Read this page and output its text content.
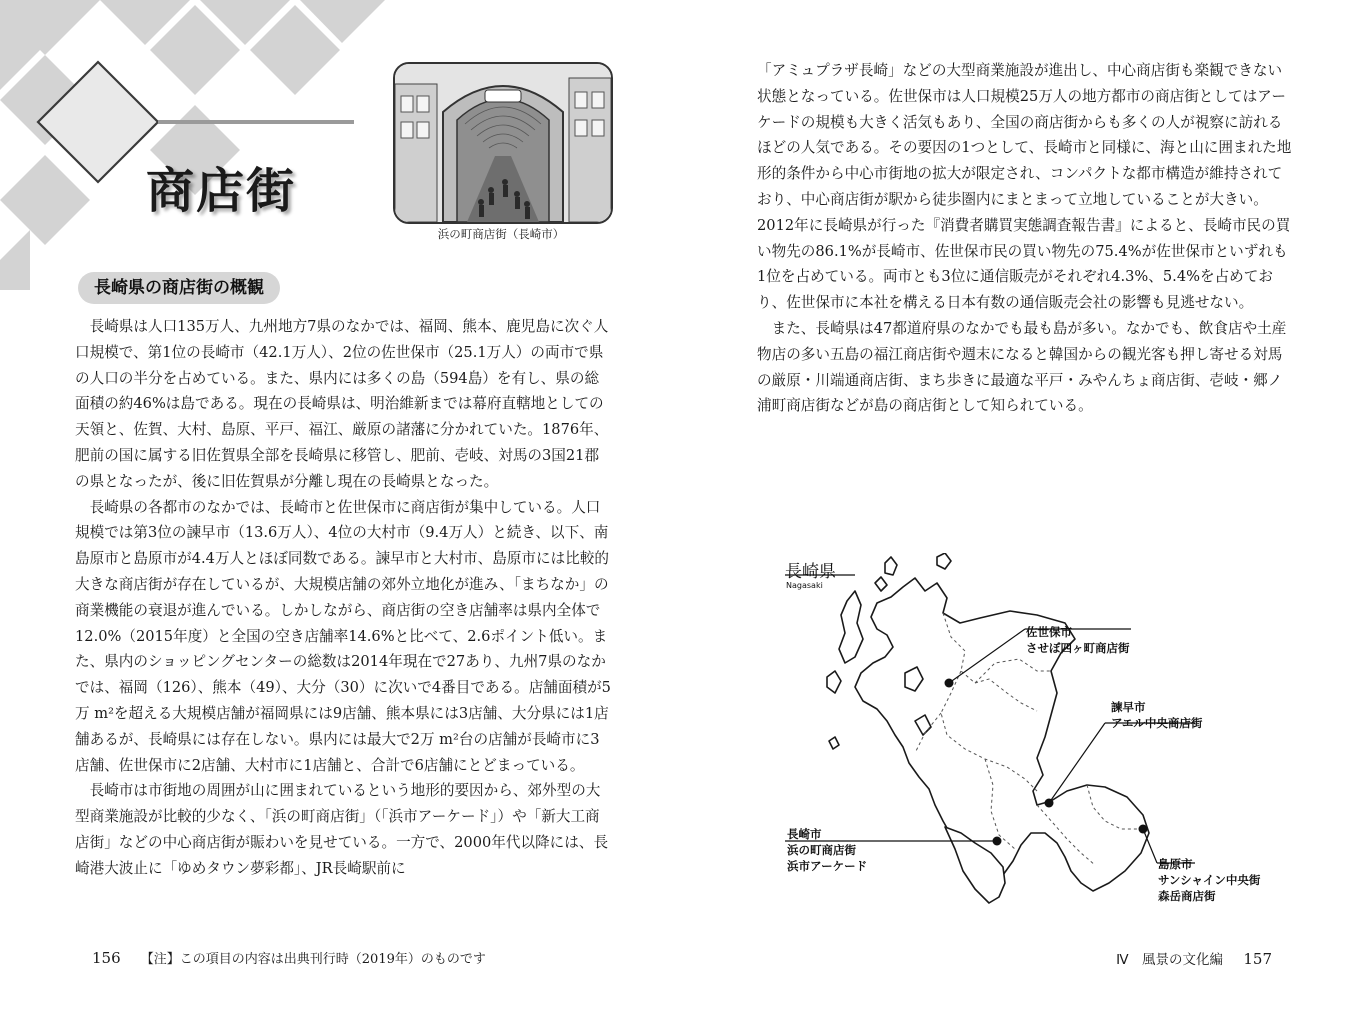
商店街
浜の町商店街（長崎市）
長崎県の商店街の概観

長崎県は人口135万人、九州地方7県のなかでは、福岡、熊本、鹿児島に次ぐ人口規模で、第1位の長崎市（42.1万人）、2位の佐世保市（25.1万人）の両市で県の人口の半分を占めている。また、県内には多くの島（594島）を有し、県の総面積の約46%は島である。現在の長崎県は、明治維新までは幕府直轄地としての天領と、佐賀、大村、島原、平戸、福江、厳原の諸藩に分かれていた。1876年、肥前の国に属する旧佐賀県全部を長崎県に移管し、肥前、壱岐、対馬の3国21郡の県となったが、後に旧佐賀県が分離し現在の長崎県となった。

長崎県の各都市のなかでは、長崎市と佐世保市に商店街が集中している。人口規模では第3位の諫早市（13.6万人）、4位の大村市（9.4万人）と続き、以下、南島原市と島原市が4.4万人とほぼ同数である。諫早市と大村市、島原市には比較的大きな商店街が存在しているが、大規模店舗の郊外立地化が進み、「まちなか」の商業機能の衰退が進んでいる。しかしながら、商店街の空き店舗率は県内全体で12.0%（2015年度）と全国の空き店舗率14.6%と比べて、2.6ポイント低い。また、県内のショッピングセンターの総数は2014年現在で27あり、九州7県のなかでは、福岡（126）、熊本（49）、大分（30）に次いで4番目である。店舗面積が5万 m²を超える大規模店舗が福岡県には9店舗、熊本県には3店舗、大分県には1店舗あるが、長崎県には存在しない。県内には最大で2万 m²台の店舗が長崎市に3店舗、佐世保市に2店舗、大村市に1店舗と、合計で6店舗にとどまっている。

長崎市は市街地の周囲が山に囲まれているという地形的要因から、郊外型の大型商業施設が比較的少なく、「浜の町商店街」（「浜市アーケード」）や「新大工商店街」などの中心商店街が賑わいを見せている。一方で、2000年代以降には、長崎港大波止に「ゆめタウン夢彩都」、JR長崎駅前に

「アミュプラザ長崎」などの大型商業施設が進出し、中心商店街も楽観できない状態となっている。佐世保市は人口規模25万人の地方都市の商店街としてはアーケードの規模も大きく活気もあり、全国の商店街からも多くの人が視察に訪れるほどの人気である。その要因の1つとして、長崎市と同様に、海と山に囲まれた地形的条件から中心市街地の拡大が限定され、コンパクトな都市構造が維持されており、中心商店街が駅から徒歩圏内にまとまって立地していることが大きい。2012年に長崎県が行った『消費者購買実態調査報告書』によると、長崎市民の買い物先の86.1%が長崎市、佐世保市民の買い物先の75.4%が佐世保市といずれも1位を占めている。両市とも3位に通信販売がそれぞれ4.3%、5.4%を占めており、佐世保市に本社を構える日本有数の通信販売会社の影響も見逃せない。

また、長崎県は47都道府県のなかでも最も島が多い。なかでも、飲食店や土産物店の多い五島の福江商店街や週末になると韓国からの観光客も押し寄せる対馬の厳原・川端通商店街、まち歩きに最適な平戸・みやんちょ商店街、壱岐・郷ノ浦町商店街などが島の商店街として知られている。

長崎県
Nagasaki
佐世保市
させぼ四ヶ町商店街
諫早市
アエル中央商店街
長崎市
浜の町商店街
浜市アーケード	島原市
サンシャイン中央街
森岳商店街
156 【注】この項目の内容は出典刊行時（2019年）のものです	Ⅳ　風景の文化編 157
